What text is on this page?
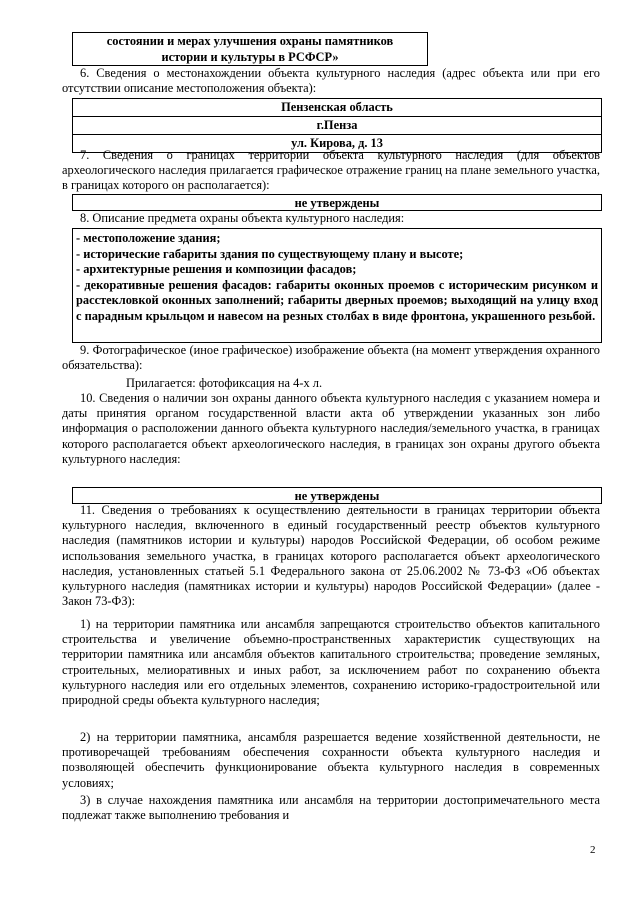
состоянии и мерах улучшения охраны памятников
истории и культуры в РСФСР»
6. Сведения о местонахождении объекта культурного наследия (адрес объекта или при его отсутствии описание местоположения объекта):
Пензенская область
г.Пенза
ул. Кирова, д. 13
7. Сведения о границах территории объекта культурного наследия (для объектов археологического наследия прилагается графическое отражение границ на плане земельного участка, в границах которого он располагается):
не утверждены
8. Описание предмета охраны объекта культурного наследия:
- местоположение здания;
- исторические габариты здания по существующему плану и высоте;
- архитектурные решения и композиции фасадов;
- декоративные решения фасадов: габариты оконных проемов с историческим рисунком и расстекловкой оконных заполнений; габариты дверных проемов; выходящий на улицу вход с парадным крыльцом и навесом на резных столбах в виде фронтона, украшенного резьбой.
9. Фотографическое (иное графическое) изображение объекта (на момент утверждения охранного обязательства):
Прилагается: фотофиксация на 4-х л.
10. Сведения о наличии зон охраны данного объекта культурного наследия с указанием номера и даты принятия органом государственной власти акта об утверждении указанных зон либо информация о расположении данного объекта культурного наследия/земельного участка, в границах которого располагается объект археологического наследия, в границах зон охраны другого объекта культурного наследия:
не утверждены
11. Сведения о требованиях к осуществлению деятельности в границах территории объекта культурного наследия, включенного в единый государственный реестр объектов культурного наследия (памятников истории и культуры) народов Российской Федерации, об особом режиме использования земельного участка, в границах которого располагается объект археологического наследия, установленных статьей 5.1 Федерального закона от 25.06.2002 № 73-ФЗ «Об объектах культурного наследия (памятниках истории и культуры) народов Российской Федерации» (далее - Закон 73-ФЗ):
1) на территории памятника или ансамбля запрещаются строительство объектов капитального строительства и увеличение объемно-пространственных характеристик существующих на территории памятника или ансамбля объектов капитального строительства; проведение земляных, строительных, мелиоративных и иных работ, за исключением работ по сохранению объекта культурного наследия или его отдельных элементов, сохранению историко-градостроительной или природной среды объекта культурного наследия;
2) на территории памятника, ансамбля разрешается ведение хозяйственной деятельности, не противоречащей требованиям обеспечения сохранности объекта культурного наследия и позволяющей обеспечить функционирование объекта культурного наследия в современных условиях;
3) в случае нахождения памятника или ансамбля на территории достопримечательного места подлежат также выполнению требования и
2
